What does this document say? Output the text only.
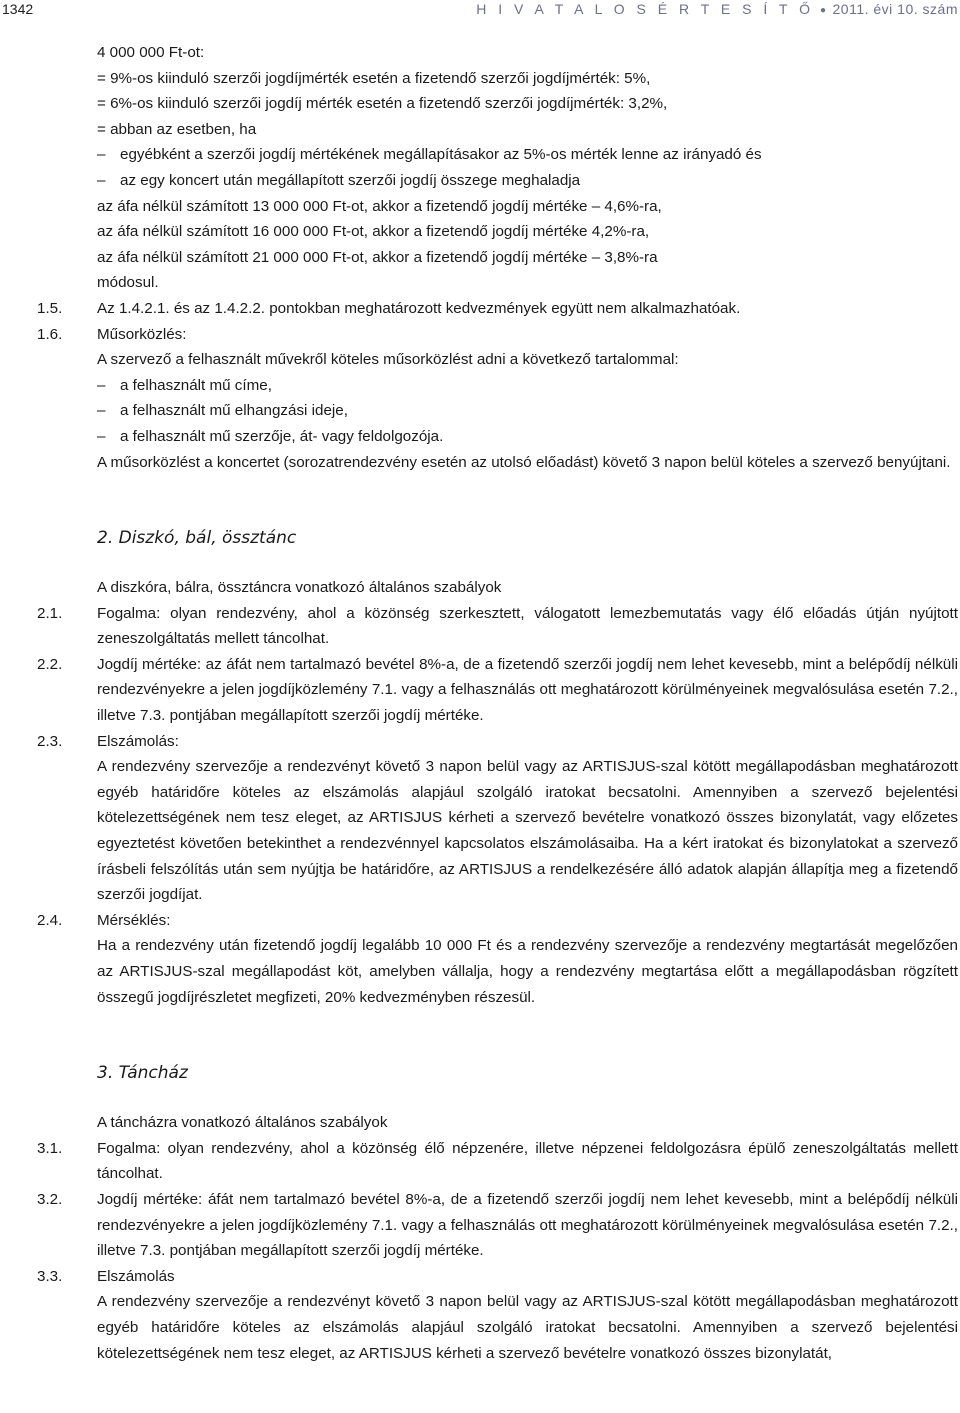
1342	H I V A T A L O S É R T E S Í T Ő ● 2011. évi 10. szám
4 000 000 Ft-ot:
= 9%-os kiinduló szerzői jogdíjmérték esetén a fizetendő szerzői jogdíjmérték: 5%,
= 6%-os kiinduló szerzői jogdíj mérték esetén a fizetendő szerzői jogdíjmérték: 3,2%,
= abban az esetben, ha
– egyébként a szerzői jogdíj mértékének megállapításakor az 5%-os mérték lenne az irányadó és
– az egy koncert után megállapított szerzői jogdíj összege meghaladja
az áfa nélkül számított 13 000 000 Ft-ot, akkor a fizetendő jogdíj mértéke – 4,6%-ra,
az áfa nélkül számított 16 000 000 Ft-ot, akkor a fizetendő jogdíj mértéke 4,2%-ra,
az áfa nélkül számított 21 000 000 Ft-ot, akkor a fizetendő jogdíj mértéke – 3,8%-ra
módosul.
1.5. Az 1.4.2.1. és az 1.4.2.2. pontokban meghatározott kedvezmények együtt nem alkalmazhatóak.
1.6. Műsorközlés:
A szervező a felhasznált művekről köteles műsorközlést adni a következő tartalommal:
– a felhasznált mű címe,
– a felhasznált mű elhangzási ideje,
– a felhasznált mű szerzője, át- vagy feldolgozója.
A műsorközlést a koncertet (sorozatrendezvény esetén az utolsó előadást) követő 3 napon belül köteles a szervező benyújtani.
2. Diszkó, bál, össztánc
A diszkóra, bálra, össztáncra vonatkozó általános szabályok
2.1. Fogalma: olyan rendezvény, ahol a közönség szerkesztett, válogatott lemezbemutatás vagy élő előadás útján nyújtott zeneszolgáltatás mellett táncolhat.
2.2. Jogdíj mértéke: az áfát nem tartalmazó bevétel 8%-a, de a fizetendő szerzői jogdíj nem lehet kevesebb, mint a belépődíj nélküli rendezvényekre a jelen jogdíjközlemény 7.1. vagy a felhasználás ott meghatározott körülményeinek megvalósulása esetén 7.2., illetve 7.3. pontjában megállapított szerzői jogdíj mértéke.
2.3. Elszámolás:
A rendezvény szervezője a rendezvényt követő 3 napon belül vagy az ARTISJUS-szal kötött megállapodásban meghatározott egyéb határidőre köteles az elszámolás alapjául szolgáló iratokat becsatolni. Amennyiben a szervező bejelentési kötelezettségének nem tesz eleget, az ARTISJUS kérheti a szervező bevételre vonatkozó összes bizonylatát, vagy előzetes egyeztetést követően betekinthet a rendezvénnyel kapcsolatos elszámolásaiba. Ha a kért iratokat és bizonylatokat a szervező írásbeli felszólítás után sem nyújtja be határidőre, az ARTISJUS a rendelkezésére álló adatok alapján állapítja meg a fizetendő szerzői jogdíjat.
2.4. Mérséklés:
Ha a rendezvény után fizetendő jogdíj legalább 10 000 Ft és a rendezvény szervezője a rendezvény megtartását megelőzően az ARTISJUS-szal megállapodást köt, amelyben vállalja, hogy a rendezvény megtartása előtt a megállapodásban rögzített összegű jogdíjrészletet megfizeti, 20% kedvezményben részesül.
3. Táncház
A táncházra vonatkozó általános szabályok
3.1. Fogalma: olyan rendezvény, ahol a közönség élő népzenére, illetve népzenei feldolgozásra épülő zeneszolgáltatás mellett táncolhat.
3.2. Jogdíj mértéke: áfát nem tartalmazó bevétel 8%-a, de a fizetendő szerzői jogdíj nem lehet kevesebb, mint a belépődíj nélküli rendezvényekre a jelen jogdíjközlemény 7.1. vagy a felhasználás ott meghatározott körülményeinek megvalósulása esetén 7.2., illetve 7.3. pontjában megállapított szerzői jogdíj mértéke.
3.3. Elszámolás
A rendezvény szervezője a rendezvényt követő 3 napon belül vagy az ARTISJUS-szal kötött megállapodásban meghatározott egyéb határidőre köteles az elszámolás alapjául szolgáló iratokat becsatolni. Amennyiben a szervező bejelentési kötelezettségének nem tesz eleget, az ARTISJUS kérheti a szervező bevételre vonatkozó összes bizonylatát,
